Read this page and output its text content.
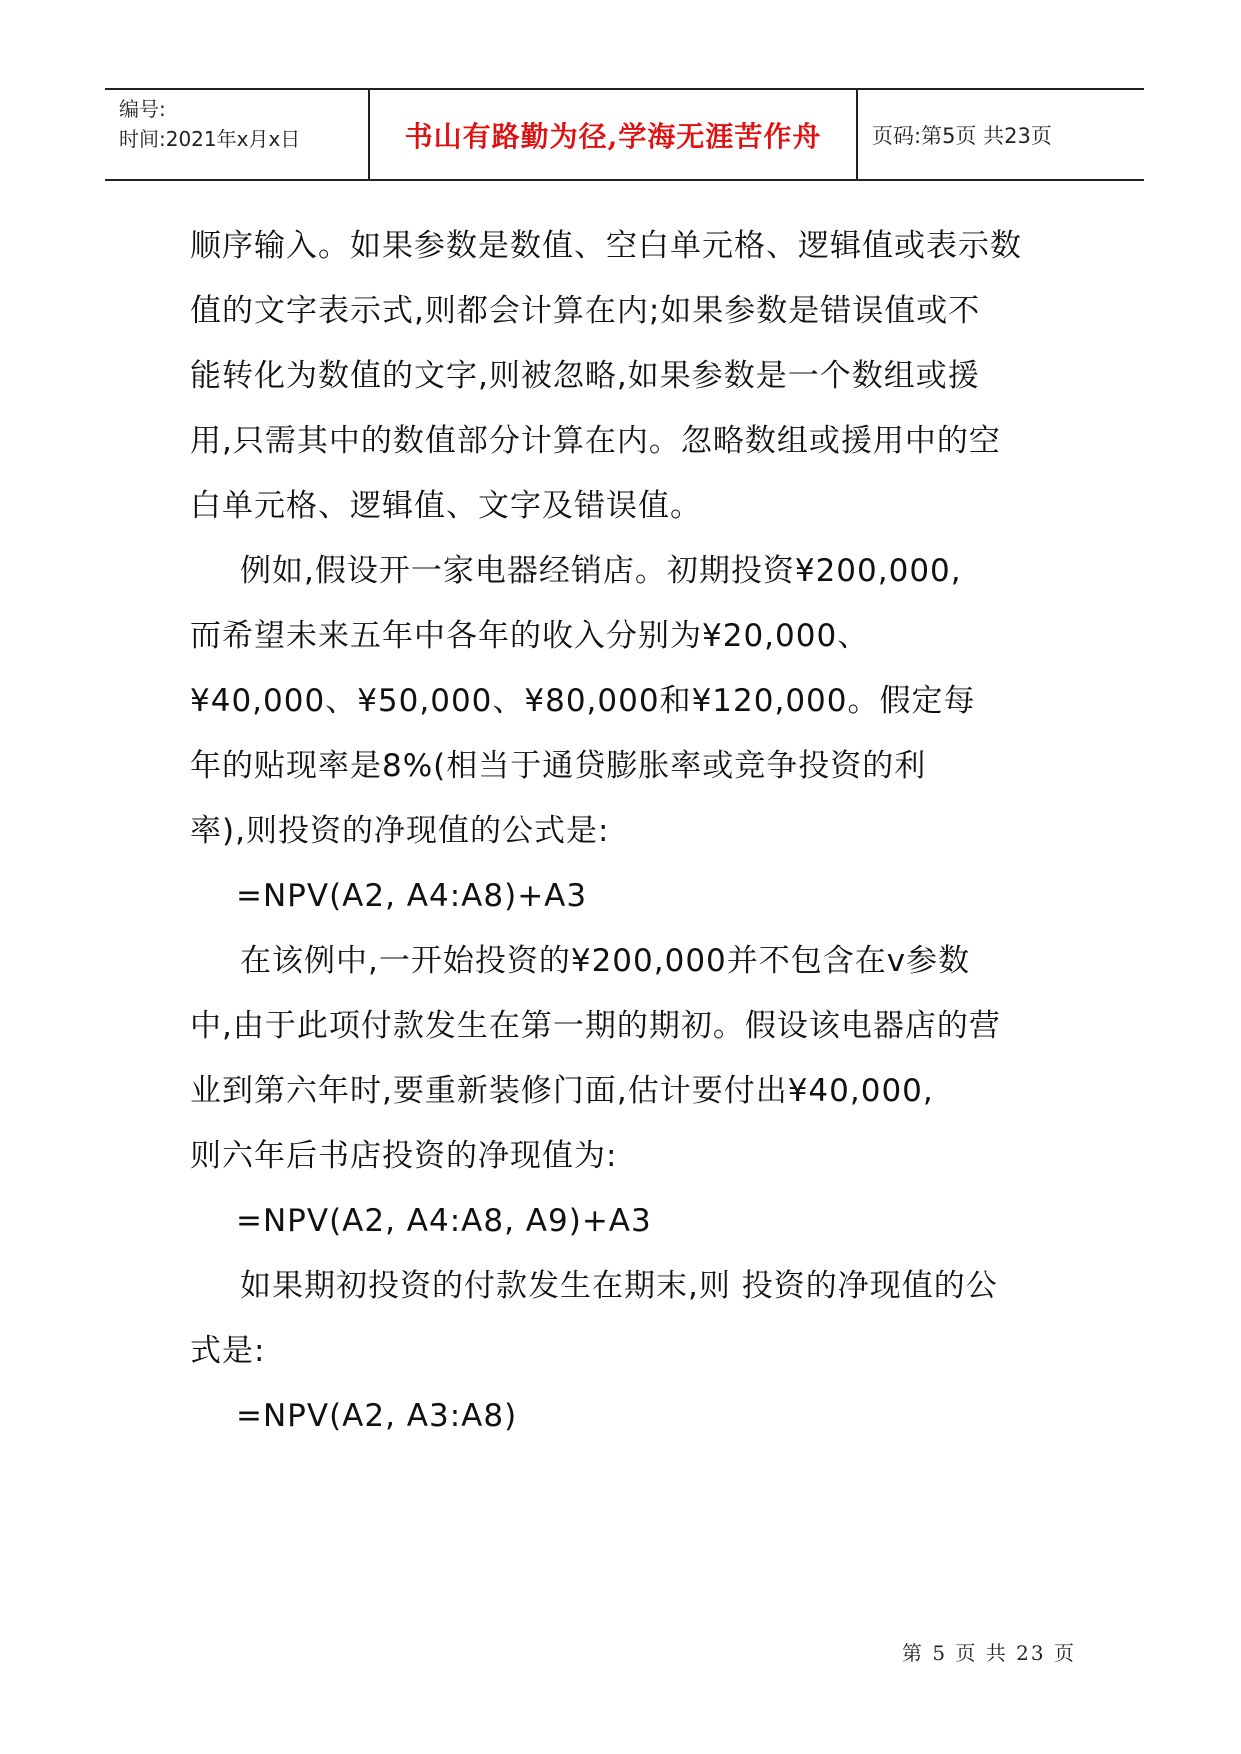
编号:
时间:2021年x月x日	书山有路勤为径,学海无涯苦作舟 页码:第5页 共23页

顺序输入。如果参数是数值、空白单元格、逻辑值或表示数

值的文字表示式,则都会计算在内;如果参数是错误值或不

能转化为数值的文字,则被忽略,如果参数是一个数组或援

用,只需其中的数值部分计算在内。忽略数组或援用中的空

白单元格、逻辑值、文字及错误值。

例如,假设开一家电器经销店。初期投资¥200,000,

而希望未来五年中各年的收入分别为¥20,000、

¥40,000、¥50,000、¥80,000和¥120,000。假定每

年的贴现率是8%(相当于通贷膨胀率或竞争投资的利

率),则投资的净现值的公式是:

=NPV(A2, A4:A8)+A3

在该例中,一开始投资的¥200,000并不包含在v参数

中,由于此项付款发生在第一期的期初。假设该电器店的营

业到第六年时,要重新装修门面,估计要付出¥40,000,

则六年后书店投资的净现值为:

=NPV(A2, A4:A8, A9)+A3

如果期初投资的付款发生在期末,则 投资的净现值的公

式是:

=NPV(A2, A3:A8)

第 5 页 共 23 页
